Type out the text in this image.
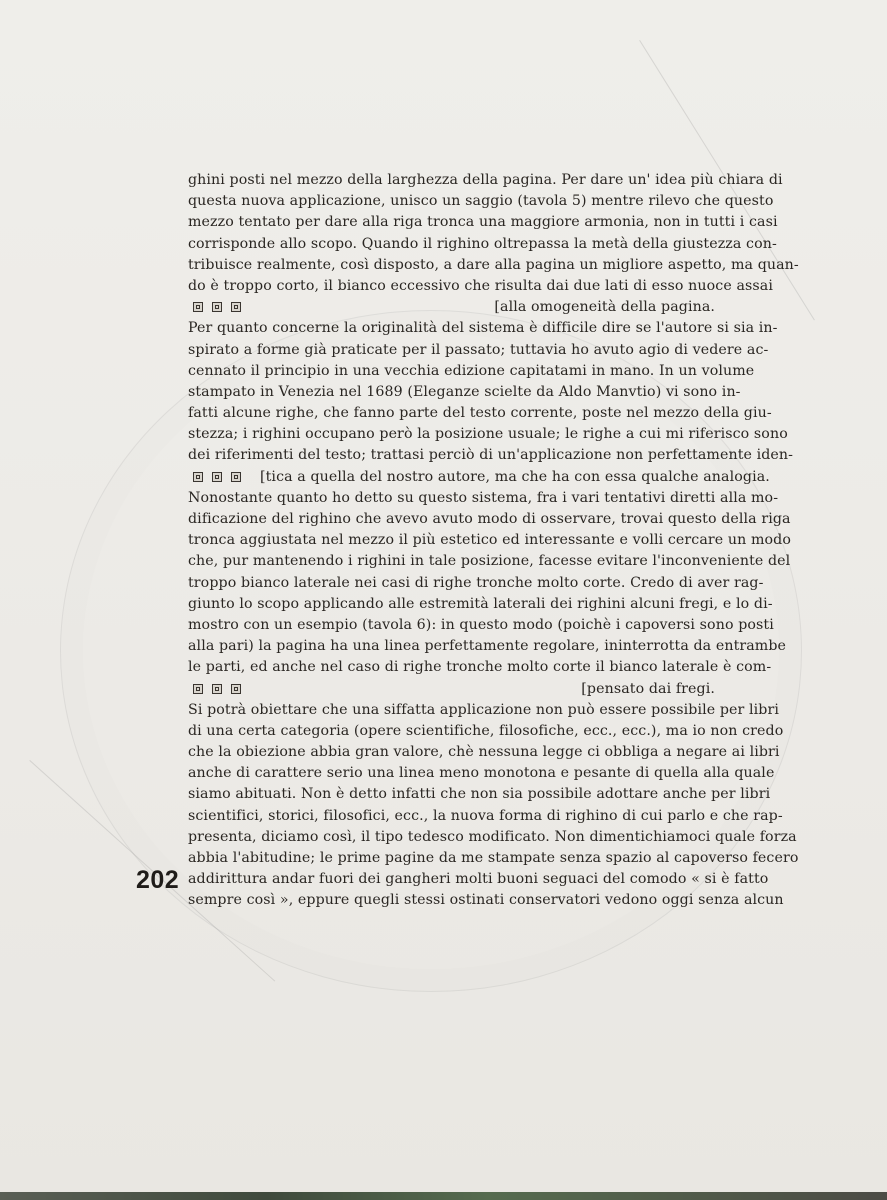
ghini posti nel mezzo della larghezza della pagina. Per dare un' idea più chiara di
questa nuova applicazione, unisco un saggio (tavola 5) mentre rilevo che questo
mezzo tentato per dare alla riga tronca una maggiore armonia, non in tutti i casi
corrisponde allo scopo. Quando il righino oltrepassa la metà della giustezza con-
tribuisce realmente, così disposto, a dare alla pagina un migliore aspetto, ma quan-
do è troppo corto, il bianco eccessivo che risulta dai due lati di esso nuoce assai
[alla omogeneità della pagina.
Per quanto concerne la originalità del sistema è difficile dire se l'autore si sia in-
spirato a forme già praticate per il passato; tuttavia ho avuto agio di vedere ac-
cennato il principio in una vecchia edizione capitatami in mano. In un volume
stampato in Venezia nel 1689 (Eleganze scielte da Aldo Manvtio) vi sono in-
fatti alcune righe, che fanno parte del testo corrente, poste nel mezzo della giu-
stezza; i righini occupano però la posizione usuale; le righe a cui mi riferisco sono
dei riferimenti del testo; trattasi perciò di un'applicazione non perfettamente iden-
[tica a quella del nostro autore, ma che ha con essa qualche analogia.
Nonostante quanto ho detto su questo sistema, fra i vari tentativi diretti alla mo-
dificazione del righino che avevo avuto modo di osservare, trovai questo della riga
tronca aggiustata nel mezzo il più estetico ed interessante e volli cercare un modo
che, pur mantenendo i righini in tale posizione, facesse evitare l'inconveniente del
troppo bianco laterale nei casi di righe tronche molto corte. Credo di aver rag-
giunto lo scopo applicando alle estremità laterali dei righini alcuni fregi, e lo di-
mostro con un esempio (tavola 6): in questo modo (poichè i capoversi sono posti
alla pari) la pagina ha una linea perfettamente regolare, ininterrotta da entrambe
le parti, ed anche nel caso di righe tronche molto corte il bianco laterale è com-
[pensato dai fregi.
Si potrà obiettare che una siffatta applicazione non può essere possibile per libri
di una certa categoria (opere scientifiche, filosofiche, ecc., ecc.), ma io non credo
che la obiezione abbia gran valore, chè nessuna legge ci obbliga a negare ai libri
anche di carattere serio una linea meno monotona e pesante di quella alla quale
siamo abituati. Non è detto infatti che non sia possibile adottare anche per libri
scientifici, storici, filosofici, ecc., la nuova forma di righino di cui parlo e che rap-
presenta, diciamo così, il tipo tedesco modificato. Non dimentichiamoci quale forza
abbia l'abitudine; le prime pagine da me stampate senza spazio al capoverso fecero
addirittura andar fuori dei gangheri molti buoni seguaci del comodo « si è fatto
sempre così », eppure quegli stessi ostinati conservatori vedono oggi senza alcun
202
